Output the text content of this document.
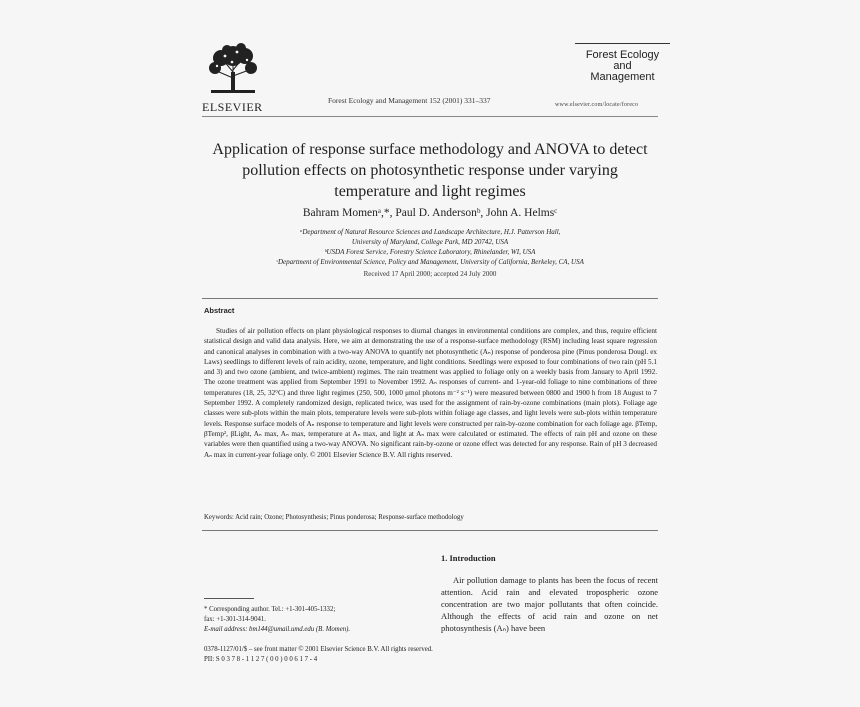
ELSEVIER	Forest Ecology and Management 152 (2001) 331–337
Forest Ecology
and
Management
www.elsevier.com/locate/foreco
Application of response surface methodology and ANOVA to detect pollution effects on photosynthetic response under varying temperature and light regimes
Bahram Momenᵃ,*, Paul D. Andersonᵇ, John A. Helmsᶜ
ᵃDepartment of Natural Resource Sciences and Landscape Architecture, H.J. Patterson Hall,
University of Maryland, College Park, MD 20742, USA
ᵇUSDA Forest Service, Forestry Science Laboratory, Rhinelander, WI, USA
ᶜDepartment of Environmental Science, Policy and Management, University of California, Berkeley, CA, USA
Received 17 April 2000; accepted 24 July 2000
Abstract
Studies of air pollution effects on plant physiological responses to diurnal changes in environmental conditions are complex, and thus, require efficient statistical design and valid data analysis. Here, we aim at demonstrating the use of a response-surface methodology (RSM) including least square regression and canonical analyses in combination with a two-way ANOVA to quantify net photosynthetic (Aₙ) response of ponderosa pine (Pinus ponderosa Dougl. ex Laws) seedlings to different levels of rain acidity, ozone, temperature, and light conditions. Seedlings were exposed to four combinations of two rain (pH 5.1 and 3) and two ozone (ambient, and twice-ambient) regimes. The rain treatment was applied to foliage only on a weekly basis from January to April 1992. The ozone treatment was applied from September 1991 to November 1992. Aₙ responses of current- and 1-year-old foliage to nine combinations of three temperatures (18, 25, 32°C) and three light regimes (250, 500, 1000 μmol photons m⁻² s⁻¹) were measured between 0800 and 1900 h from 18 August to 7 September 1992. A completely randomized design, replicated twice, was used for the assignment of rain-by-ozone combinations (main plots). Foliage age classes were sub-plots within the main plots, temperature levels were sub-plots within foliage age classes, and light levels were sub-plots within temperature levels. Response surface models of Aₙ response to temperature and light levels were constructed per rain-by-ozone combination for each foliage age. βTemp, βTemp², βLight, Aₙ max, Aₙ max, temperature at Aₙ max, and light at Aₙ max were calculated or estimated. The effects of rain pH and ozone on these variables were then quantified using a two-way ANOVA. No significant rain-by-ozone or ozone effect was detected for any response. Rain of pH 3 decreased Aₙ max in current-year foliage only. © 2001 Elsevier Science B.V. All rights reserved.
Keywords: Acid rain; Ozone; Photosynthesis; Pinus ponderosa; Response-surface methodology
1. Introduction
Air pollution damage to plants has been the focus of recent attention. Acid rain and elevated tropospheric ozone concentration are two major pollutants that often coincide. Although the effects of acid rain and ozone on net photosynthesis (Aₙ) have been
* Corresponding author. Tel.: +1-301-405-1332;
fax: +1-301-314-9041.
E-mail address: bm144@umail.umd.edu (B. Momen).
0378-1127/01/$ – see front matter © 2001 Elsevier Science B.V. All rights reserved.
PII: S 0 3 7 8 - 1 1 2 7 ( 0 0 ) 0 0 6 1 7 - 4
